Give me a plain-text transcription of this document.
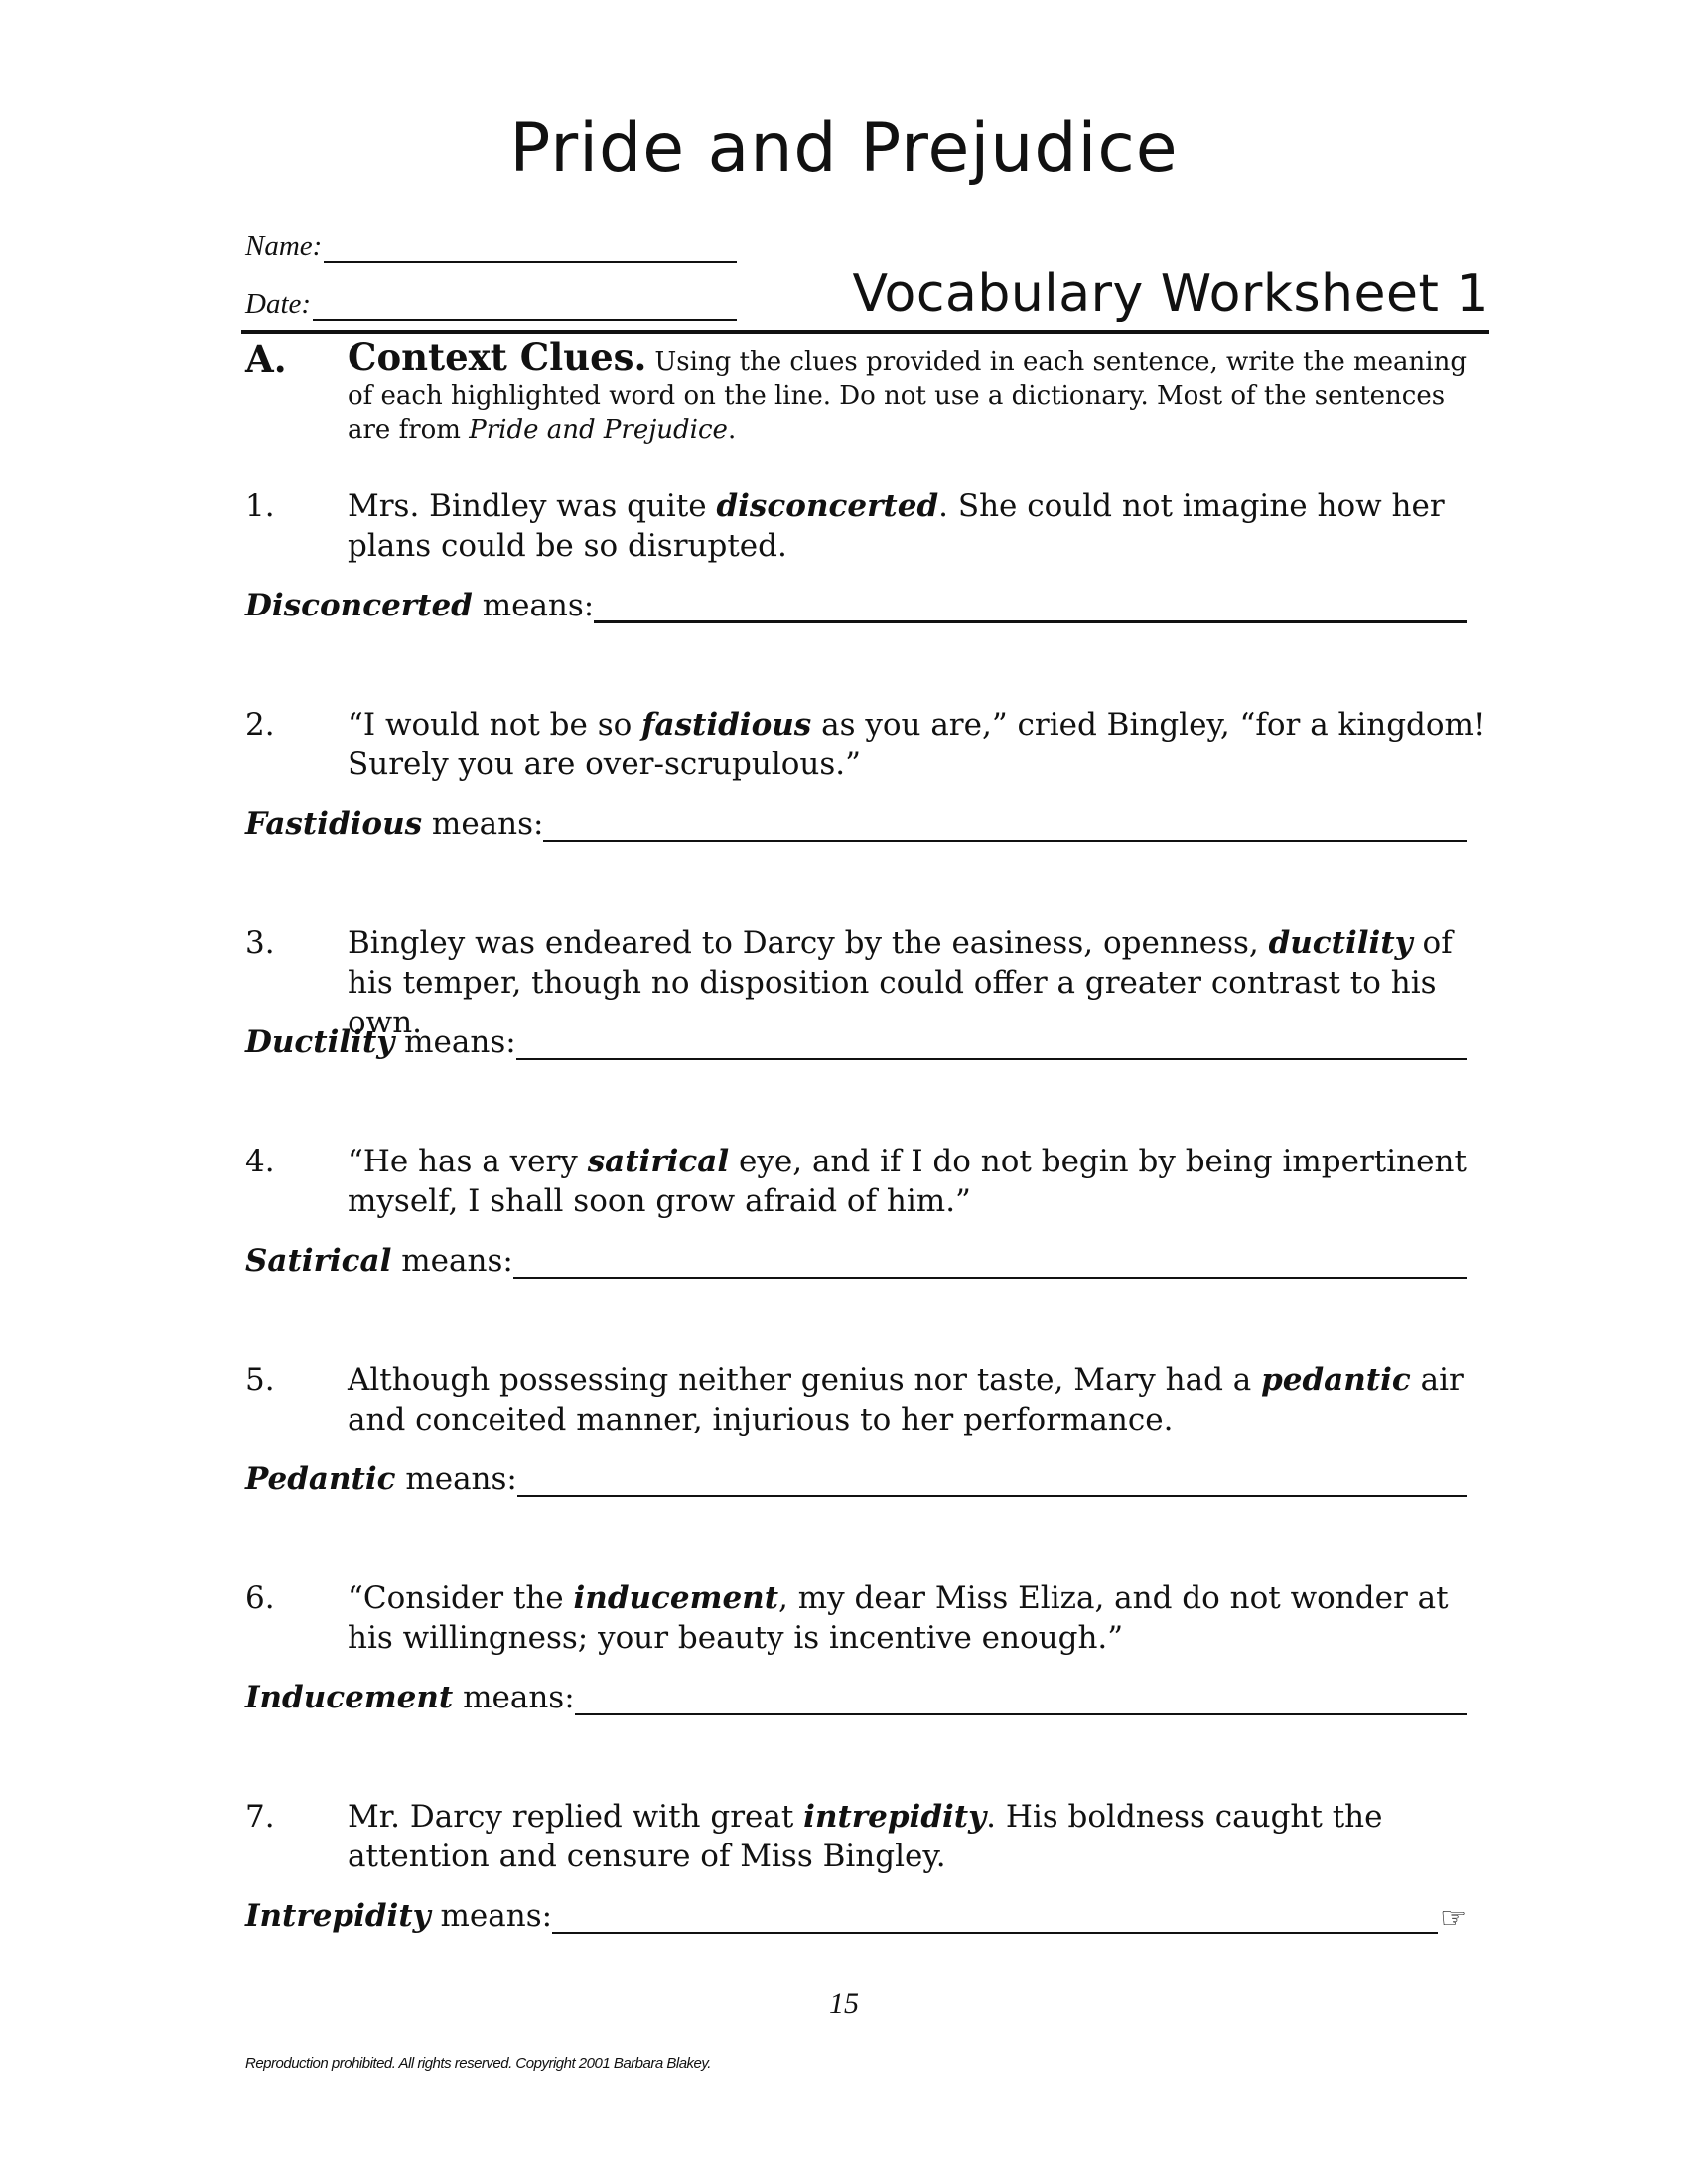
Pride and Prejudice
Name:
Date:	Vocabulary Worksheet 1
A. Context Clues. Using the clues provided in each sentence, write the meaning of each highlighted word on the line. Do not use a dictionary. Most of the sentences are from Pride and Prejudice.
1. Mrs. Bindley was quite disconcerted. She could not imagine how her plans could be so disrupted.
Disconcerted means:
2. “I would not be so fastidious as you are,” cried Bingley, “for a kingdom! Surely you are over-scrupulous.”
Fastidious means:
3. Bingley was endeared to Darcy by the easiness, openness, ductility of his temper, though no disposition could offer a greater contrast to his own.
Ductility means:
4. “He has a very satirical eye, and if I do not begin by being impertinent myself, I shall soon grow afraid of him.”
Satirical means:
5. Although possessing neither genius nor taste, Mary had a pedantic air and conceited manner, injurious to her performance.
Pedantic means:
6. “Consider the inducement, my dear Miss Eliza, and do not wonder at his willingness; your beauty is incentive enough.”
Inducement means:
7. Mr. Darcy replied with great intrepidity. His boldness caught the attention and censure of Miss Bingley.
Intrepidity means:	☞
15
Reproduction prohibited. All rights reserved. Copyright 2001 Barbara Blakey.
